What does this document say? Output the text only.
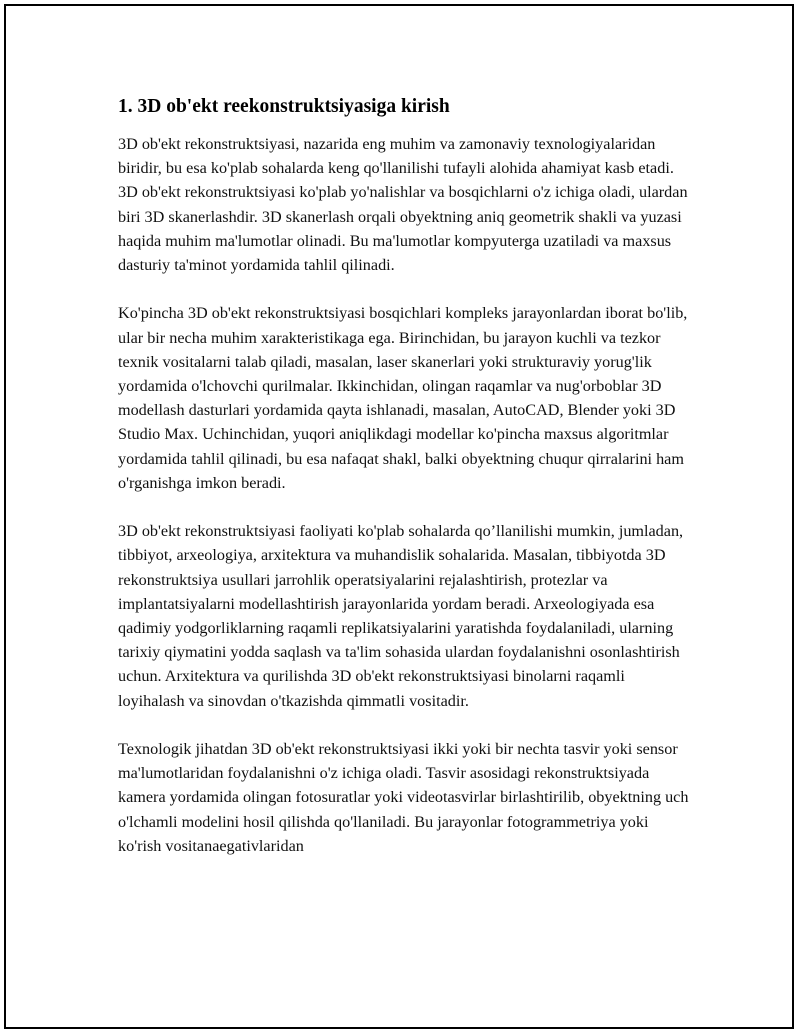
1. 3D ob'ekt reekonstruktsiyasiga kirish

3D ob'ekt rekonstruktsiyasi, nazarida eng muhim va zamonaviy texnologiyalaridan biridir, bu esa ko'plab sohalarda keng qo'llanilishi tufayli alohida ahamiyat kasb etadi. 3D ob'ekt rekonstruktsiyasi ko'plab yo'nalishlar va bosqichlarni o'z ichiga oladi, ulardan biri 3D skanerlashdir. 3D skanerlash orqali obyektning aniq geometrik shakli va yuzasi haqida muhim ma'lumotlar olinadi. Bu ma'lumotlar kompyuterga uzatiladi va maxsus dasturiy ta'minot yordamida tahlil qilinadi.

Ko'pincha 3D ob'ekt rekonstruktsiyasi bosqichlari kompleks jarayonlardan iborat bo'lib, ular bir necha muhim xarakteristikaga ega. Birinchidan, bu jarayon kuchli va tezkor texnik vositalarni talab qiladi, masalan, laser skanerlari yoki strukturaviy yorug'lik yordamida o'lchovchi qurilmalar. Ikkinchidan, olingan raqamlar va nug'orboblar 3D modellash dasturlari yordamida qayta ishlanadi, masalan, AutoCAD, Blender yoki 3D Studio Max. Uchinchidan, yuqori aniqlikdagi modellar ko'pincha maxsus algoritmlar yordamida tahlil qilinadi, bu esa nafaqat shakl, balki obyektning chuqur qirralarini ham o'rganishga imkon beradi.

3D ob'ekt rekonstruktsiyasi faoliyati ko'plab sohalarda qo’llanilishi mumkin, jumladan, tibbiyot, arxeologiya, arxitektura va muhandislik sohalarida. Masalan, tibbiyotda 3D rekonstruktsiya usullari jarrohlik operatsiyalarini rejalashtirish, protezlar va implantatsiyalarni modellashtirish jarayonlarida yordam beradi. Arxeologiyada esa qadimiy yodgorliklarning raqamli replikatsiyalarini yaratishda foydalaniladi, ularning tarixiy qiymatini yodda saqlash va ta'lim sohasida ulardan foydalanishni osonlashtirish uchun. Arxitektura va qurilishda 3D ob'ekt rekonstruktsiyasi binolarni raqamli loyihalash va sinovdan o'tkazishda qimmatli vositadir.

Texnologik jihatdan 3D ob'ekt rekonstruktsiyasi ikki yoki bir nechta tasvir yoki sensor ma'lumotlaridan foydalanishni o'z ichiga oladi. Tasvir asosidagi rekonstruktsiyada kamera yordamida olingan fotosuratlar yoki videotasvirlar birlashtirilib, obyektning uch o'lchamli modelini hosil qilishda qo'llaniladi. Bu jarayonlar fotogrammetriya yoki ko'rish vositanaegativlaridan
